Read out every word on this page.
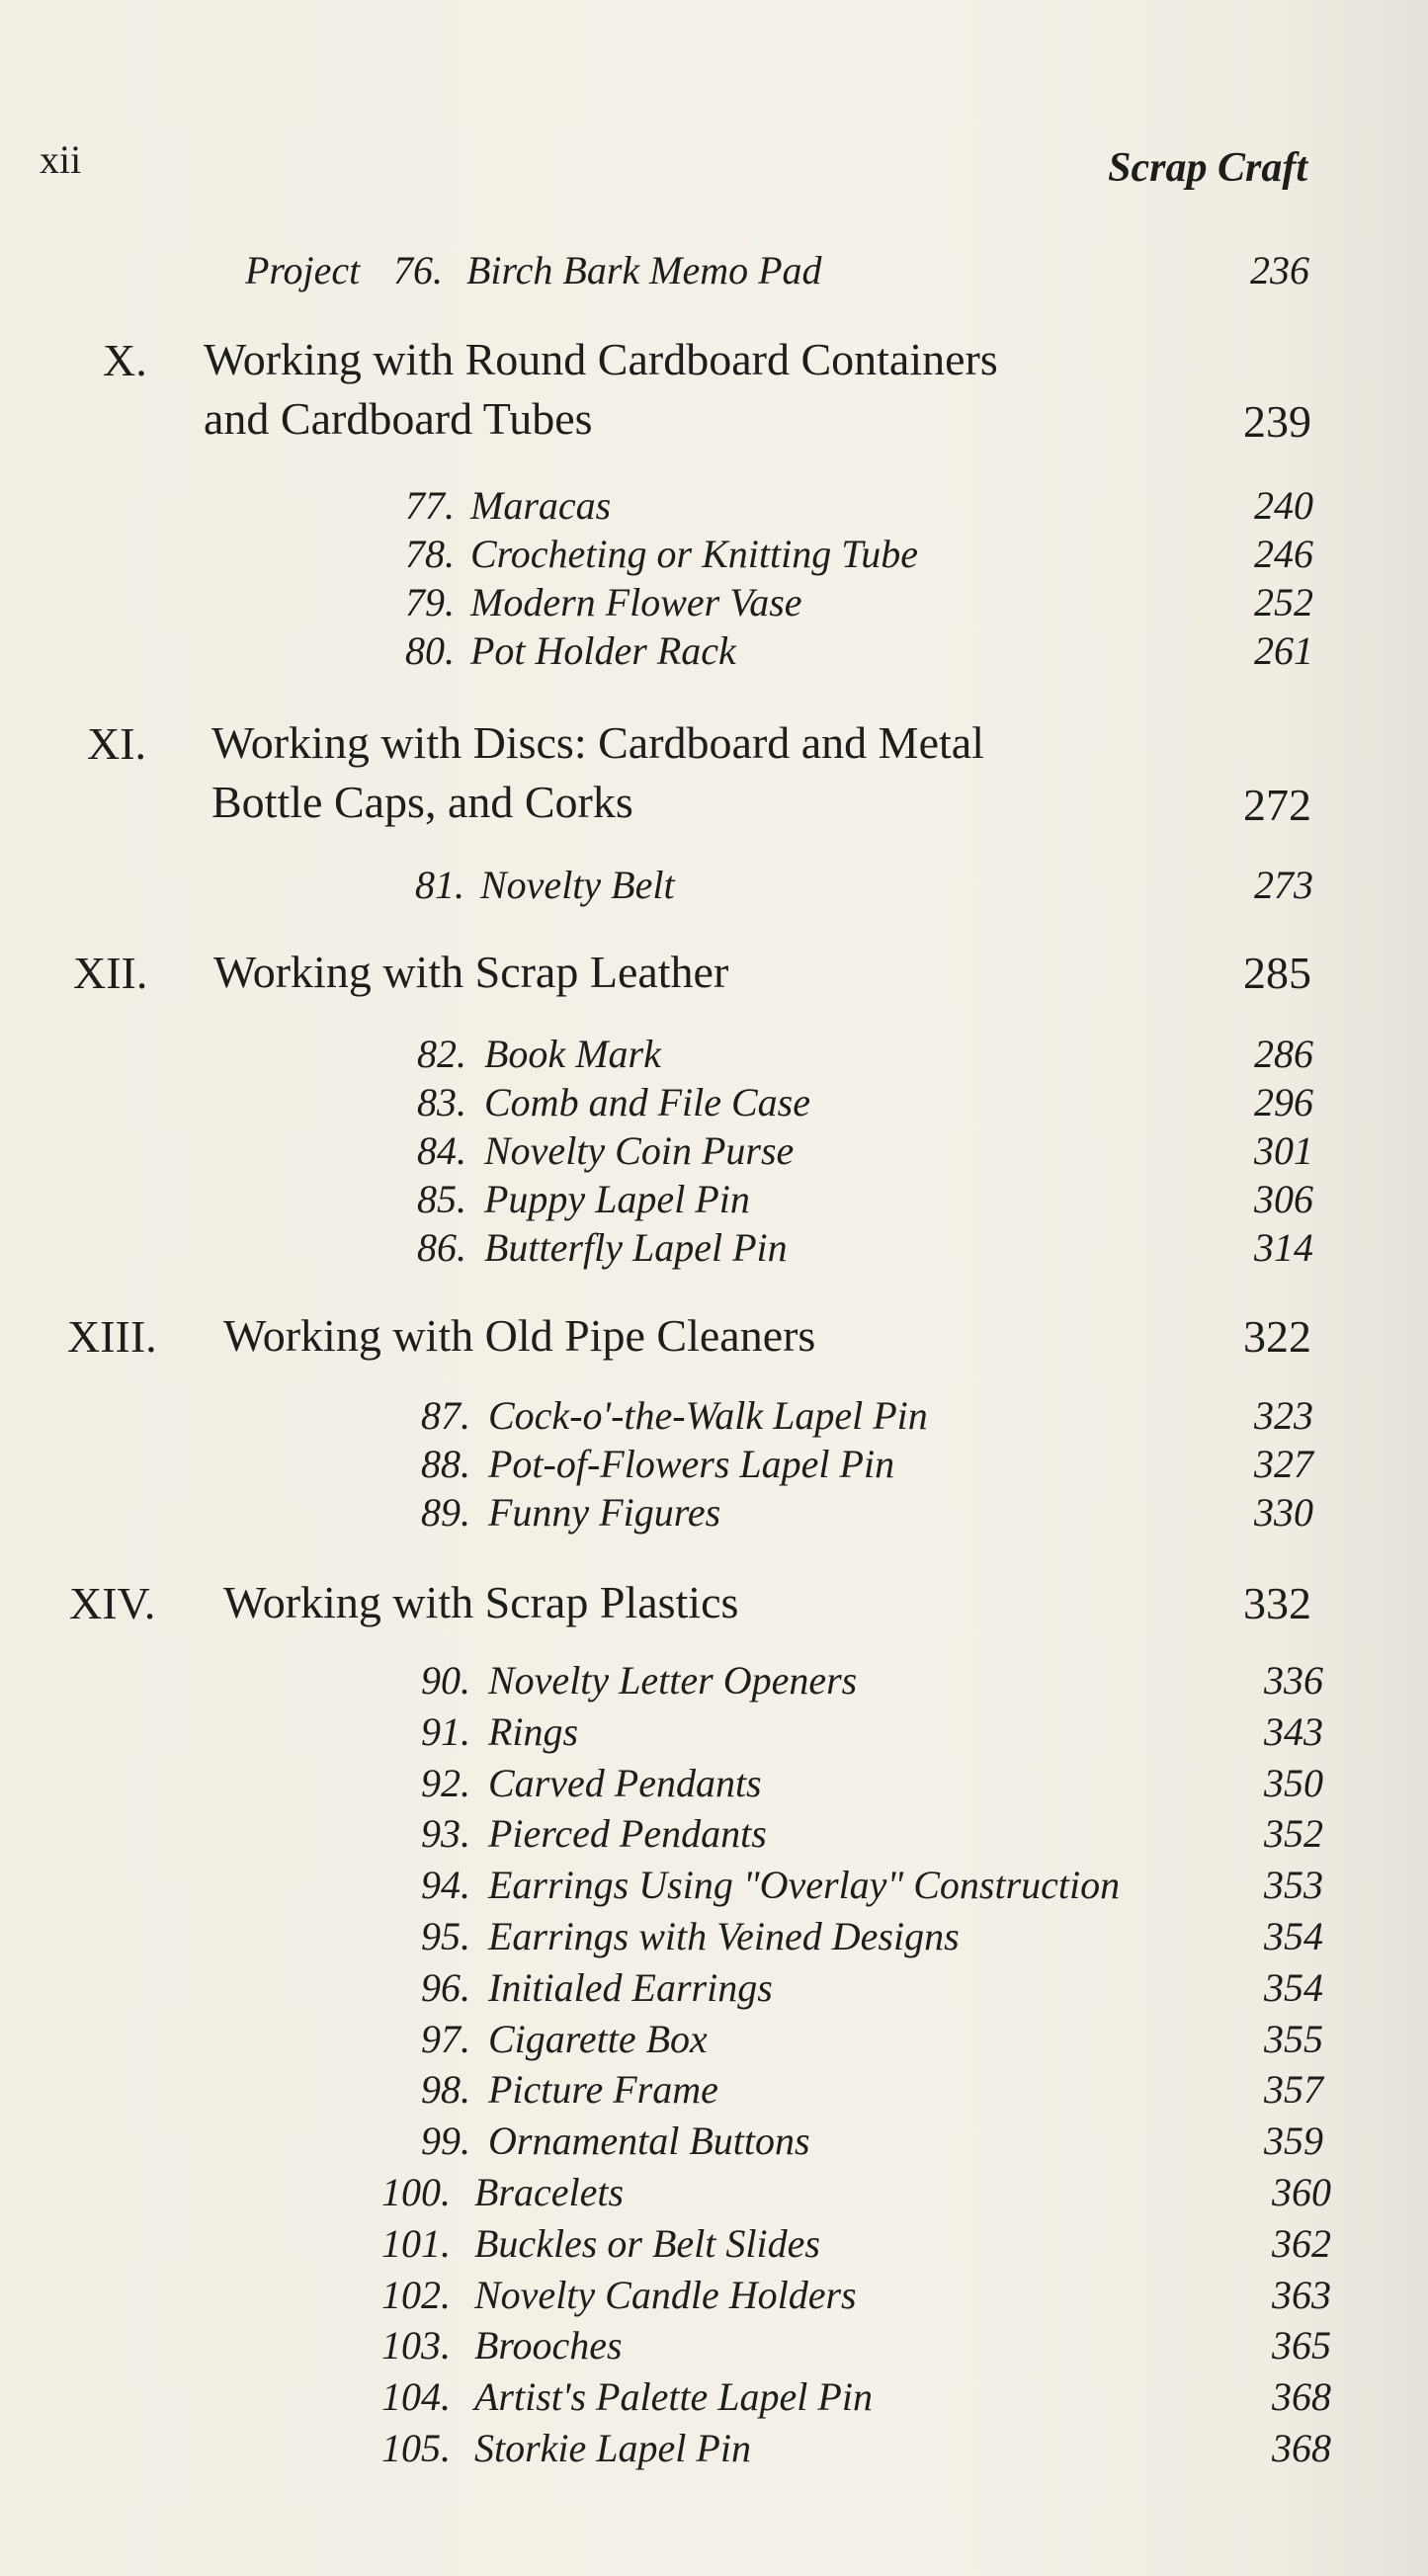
xii	Scrap Craft
Project 76. Birch Bark Memo Pad	236
X. Working with Round Cardboard Containers
and Cardboard Tubes	239
77. Maracas	240
78. Crocheting or Knitting Tube	246
79. Modern Flower Vase	252
80. Pot Holder Rack	261
XI. Working with Discs: Cardboard and Metal
Bottle Caps, and Corks	272
81. Novelty Belt	273
XII. Working with Scrap Leather	285
82. Book Mark	286
83. Comb and File Case	296
84. Novelty Coin Purse	301
85. Puppy Lapel Pin	306
86. Butterfly Lapel Pin	314
XIII. Working with Old Pipe Cleaners	322
87. Cock-o'-the-Walk Lapel Pin	323
88. Pot-of-Flowers Lapel Pin	327
89. Funny Figures	330
XIV. Working with Scrap Plastics	332
90. Novelty Letter Openers	336
91. Rings	343
92. Carved Pendants	350
93. Pierced Pendants	352
94. Earrings Using "Overlay" Construction	353
95. Earrings with Veined Designs	354
96. Initialed Earrings	354
97. Cigarette Box	355
98. Picture Frame	357
99. Ornamental Buttons	359
100. Bracelets	360
101. Buckles or Belt Slides	362
102. Novelty Candle Holders	363
103. Brooches	365
104. Artist's Palette Lapel Pin	368
105. Storkie Lapel Pin	368
